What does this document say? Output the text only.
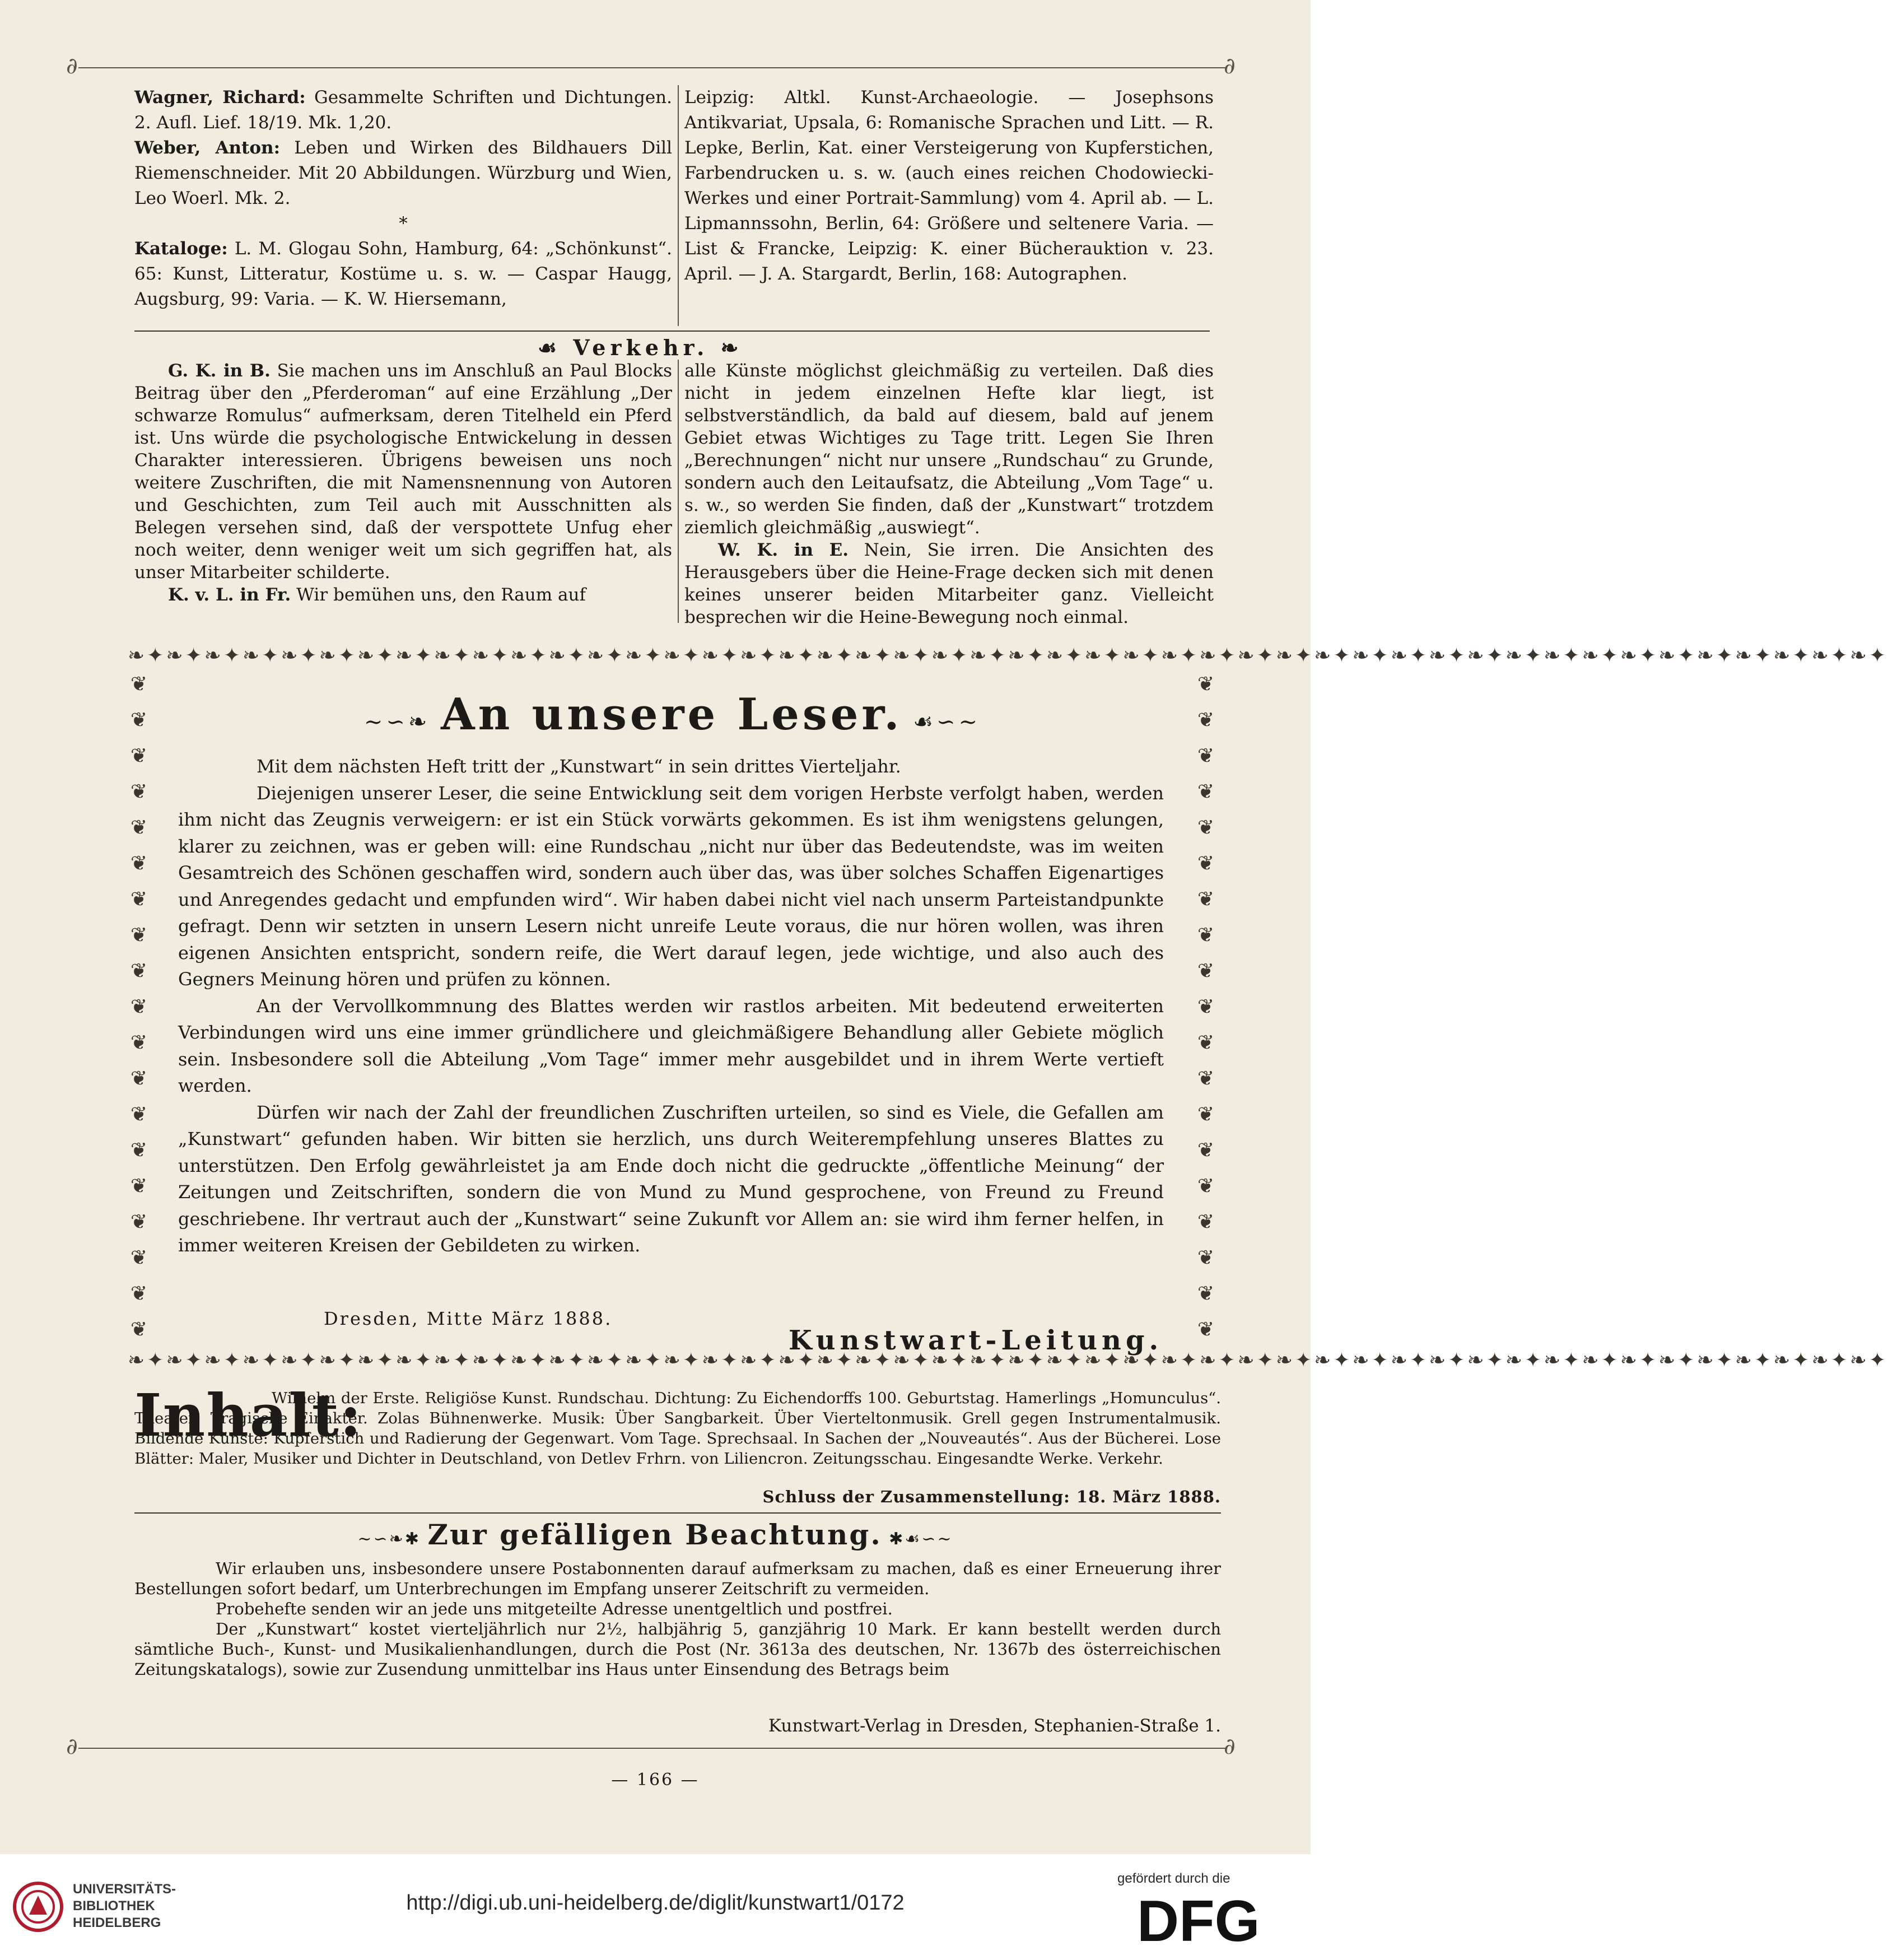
∂	∂
∂	∂

Wagner, Richard: Gesammelte Schriften und Dichtungen. 2. Aufl. Lief. 18/19. Mk. 1,20.

Weber, Anton: Leben und Wirken des Bildhauers Dill Riemenschneider. Mit 20 Abbildungen. Würzburg und Wien, Leo Woerl. Mk. 2.

*

Kataloge: L. M. Glogau Sohn, Hamburg, 64: „Schönkunst“. 65: Kunst, Litteratur, Kostüme u. s. w. — Caspar Haugg, Augsburg, 99: Varia. — K. W. Hiersemann,

Leipzig: Altkl. Kunst-Archaeologie. — Josephsons Antikvariat, Upsala, 6: Romanische Sprachen und Litt. — R. Lepke, Berlin, Kat. einer Versteigerung von Kupferstichen, Farbendrucken u. s. w. (auch eines reichen Chodowiecki-Werkes und einer Portrait-Sammlung) vom 4. April ab. — L. Lipmannssohn, Berlin, 64: Größere und seltenere Varia. — List & Francke, Leipzig: K. einer Bücherauktion v. 23. April. — J. A. Stargardt, Berlin, 168: Autographen.

☙ Verkehr. ❧

G. K. in B. Sie machen uns im Anschluß an Paul Blocks Beitrag über den „Pferderoman“ auf eine Erzählung „Der schwarze Romulus“ aufmerksam, deren Titelheld ein Pferd ist. Uns würde die psychologische Entwickelung in dessen Charakter interessieren. Übrigens beweisen uns noch weitere Zuschriften, die mit Namensnennung von Autoren und Geschichten, zum Teil auch mit Ausschnitten als Belegen versehen sind, daß der verspottete Unfug eher noch weiter, denn weniger weit um sich gegriffen hat, als unser Mitarbeiter schilderte.

K. v. L. in Fr. Wir bemühen uns, den Raum auf

alle Künste möglichst gleichmäßig zu verteilen. Daß dies nicht in jedem einzelnen Hefte klar liegt, ist selbstverständlich, da bald auf diesem, bald auf jenem Gebiet etwas Wichtiges zu Tage tritt. Legen Sie Ihren „Berechnungen“ nicht nur unsere „Rundschau“ zu Grunde, sondern auch den Leitaufsatz, die Abteilung „Vom Tage“ u. s. w., so werden Sie finden, daß der „Kunstwart“ trotzdem ziemlich gleichmäßig „auswiegt“.

W. K. in E. Nein, Sie irren. Die Ansichten des Herausgebers über die Heine-Frage decken sich mit denen keines unserer beiden Mitarbeiter ganz. Vielleicht besprechen wir die Heine-Bewegung noch einmal.

❧✦❧✦❧✦❧✦❧✦❧✦❧✦❧✦❧✦❧✦❧✦❧✦❧✦❧✦❧✦❧✦❧✦❧✦❧✦❧✦❧✦❧✦❧✦❧✦❧✦❧✦❧✦❧✦❧✦❧✦❧✦❧✦❧✦❧✦❧✦❧✦❧✦❧✦❧✦❧✦❧✦❧✦❧✦❧✦❧✦❧✦
❧✦❧✦❧✦❧✦❧✦❧✦❧✦❧✦❧✦❧✦❧✦❧✦❧✦❧✦❧✦❧✦❧✦❧✦❧✦❧✦❧✦❧✦❧✦❧✦❧✦❧✦❧✦❧✦❧✦❧✦❧✦❧✦❧✦❧✦❧✦❧✦❧✦❧✦❧✦❧✦❧✦❧✦❧✦❧✦❧✦❧✦
❦
❦
❦
❦
❦
❦
❦
❦
❦
❦
❦
❦
❦
❦
❦
❦
❦
❦
❦
❦
❦
❦
❦
❦
❦
❦
❦
❦
❦
❦
❦
❦
❦
❦
❦
❦
❦
❦
∼∽❧ An unsere Leser. ☙∽∼

Mit dem nächsten Heft tritt der „Kunstwart“ in sein drittes Vierteljahr.

Diejenigen unserer Leser, die seine Entwicklung seit dem vorigen Herbste verfolgt haben, werden ihm nicht das Zeugnis verweigern: er ist ein Stück vorwärts gekommen. Es ist ihm wenigstens gelungen, klarer zu zeichnen, was er geben will: eine Rundschau „nicht nur über das Bedeutendste, was im weiten Gesamtreich des Schönen geschaffen wird, sondern auch über das, was über solches Schaffen Eigenartiges und Anregendes gedacht und empfunden wird“. Wir haben dabei nicht viel nach unserm Parteistandpunkte gefragt. Denn wir setzten in unsern Lesern nicht unreife Leute voraus, die nur hören wollen, was ihren eigenen Ansichten entspricht, sondern reife, die Wert darauf legen, jede wichtige, und also auch des Gegners Meinung hören und prüfen zu können.

An der Vervollkommnung des Blattes werden wir rastlos arbeiten. Mit bedeutend erweiterten Verbindungen wird uns eine immer gründlichere und gleichmäßigere Behandlung aller Gebiete möglich sein. Insbesondere soll die Abteilung „Vom Tage“ immer mehr ausgebildet und in ihrem Werte vertieft werden.

Dürfen wir nach der Zahl der freundlichen Zuschriften urteilen, so sind es Viele, die Gefallen am „Kunstwart“ gefunden haben. Wir bitten sie herzlich, uns durch Weiterempfehlung unseres Blattes zu unterstützen. Den Erfolg gewährleistet ja am Ende doch nicht die gedruckte „öffentliche Meinung“ der Zeitungen und Zeitschriften, sondern die von Mund zu Mund gesprochene, von Freund zu Freund geschriebene. Ihr vertraut auch der „Kunstwart“ seine Zukunft vor Allem an: sie wird ihm ferner helfen, in immer weiteren Kreisen der Gebildeten zu wirken.

Dresden, Mitte März 1888.
Kunstwart-Leitung.
Inhalt:
Wilhelm der Erste. Religiöse Kunst. Rundschau. Dichtung: Zu Eichendorffs 100. Geburtstag. Hamerlings „Homunculus“. Theater: Tragische Einakter. Zolas Bühnenwerke. Musik: Über Sangbarkeit. Über Vierteltonmusik. Grell gegen Instrumentalmusik. Bildende Künste: Kupferstich und Radierung der Gegenwart. Vom Tage. Sprechsaal. In Sachen der „Nouveautés“. Aus der Bücherei. Lose Blätter: Maler, Musiker und Dichter in Deutschland, von Detlev Frhrn. von Liliencron. Zeitungsschau. Eingesandte Werke. Verkehr.
Schluss der Zusammenstellung: 18. März 1888.
∼∽❧✱ Zur gefälligen Beachtung. ✱☙∽∼

Wir erlauben uns, insbesondere unsere Postabonnenten darauf aufmerksam zu machen, daß es einer Erneuerung ihrer Bestellungen sofort bedarf, um Unterbrechungen im Empfang unserer Zeitschrift zu vermeiden.

Probehefte senden wir an jede uns mitgeteilte Adresse unentgeltlich und postfrei.

Der „Kunstwart“ kostet vierteljährlich nur 2½, halbjährig 5, ganzjährig 10 Mark. Er kann bestellt werden durch sämtliche Buch-, Kunst- und Musikalienhandlungen, durch die Post (Nr. 3613a des deutschen, Nr. 1367b des österreichischen Zeitungskatalogs), sowie zur Zusendung unmittelbar ins Haus unter Einsendung des Betrags beim

Kunstwart-Verlag in Dresden, Stephanien-Straße 1.
— 166 —
UNIVERSITÄTS-
BIBLIOTHEK
HEIDELBERG
http://digi.ub.uni-heidelberg.de/diglit/kunstwart1/0172
gefördert durch die
DFG
